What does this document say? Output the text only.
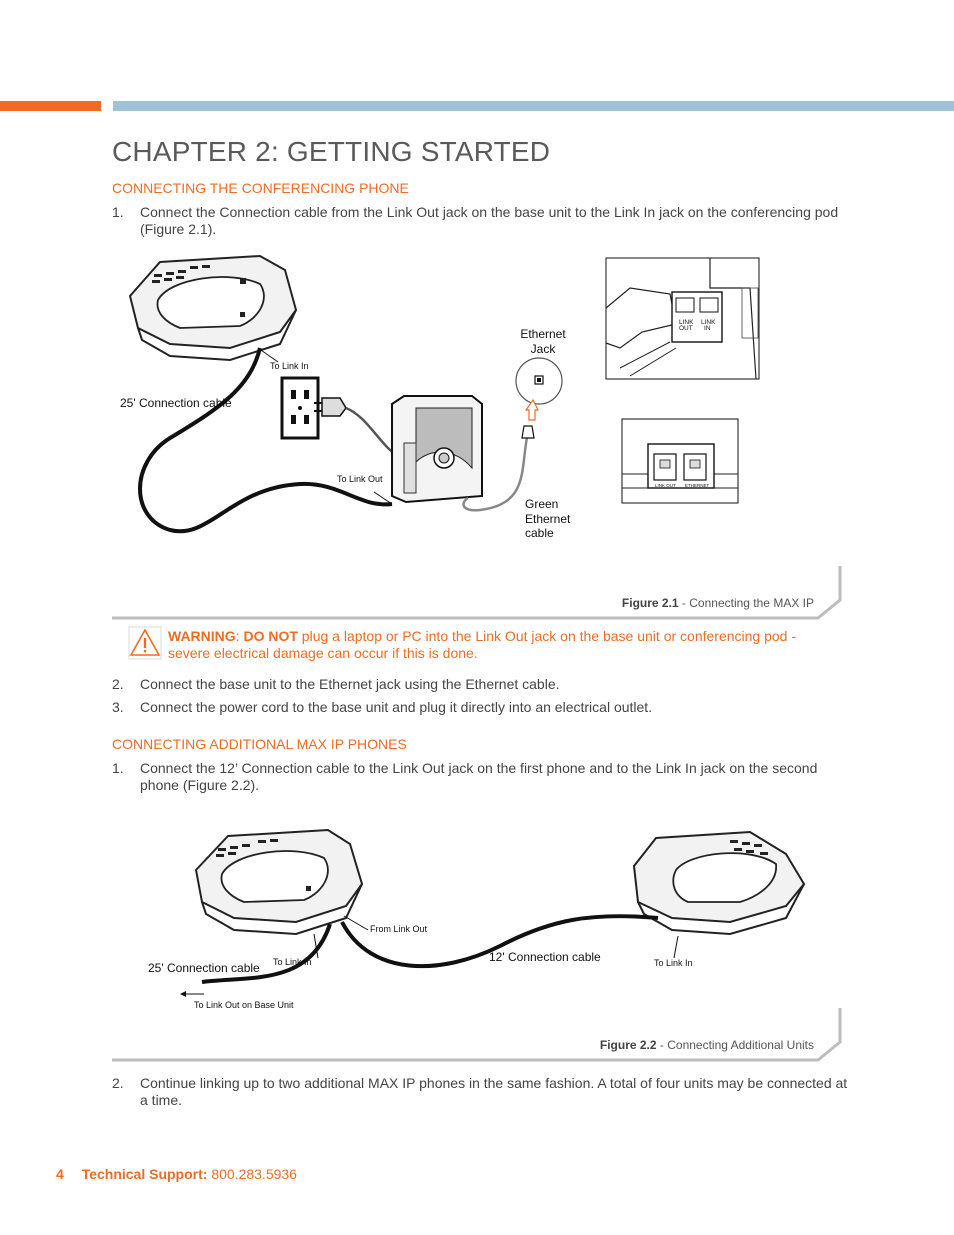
CHAPTER 2: GETTING STARTED
CONNECTING THE CONFERENCING PHONE
1. Connect the Connection cable from the Link Out jack on the base unit to the Link In jack on the conferencing pod
(Figure 2.1).
LINK
OUT
LINK
IN
LINK OUT ETHERNET
To Link In
25' Connection cable
To Link Out
Ethernet
Jack
Green
Ethernet
cable
Figure 2.1 - Connecting the MAX IP
WARNING: DO NOT plug a laptop or PC into the Link Out jack on the base unit or conferencing pod - severe electrical damage can occur if this is done.
2. Connect the base unit to the Ethernet jack using the Ethernet cable.
3. Connect the power cord to the base unit and plug it directly into an electrical outlet.
CONNECTING ADDITIONAL MAX IP PHONES
1. Connect the 12’ Connection cable to the Link Out jack on the first phone and to the Link In jack on the second
phone (Figure 2.2).
From Link Out
12' Connection cable
25' Connection cable To Link In	To Link In
To Link Out on Base Unit
Figure 2.2 - Connecting Additional Units
2. Continue linking up to two additional MAX IP phones in the same fashion. A total of four units may be connected at
a time.
4 Technical Support: 800.283.5936
